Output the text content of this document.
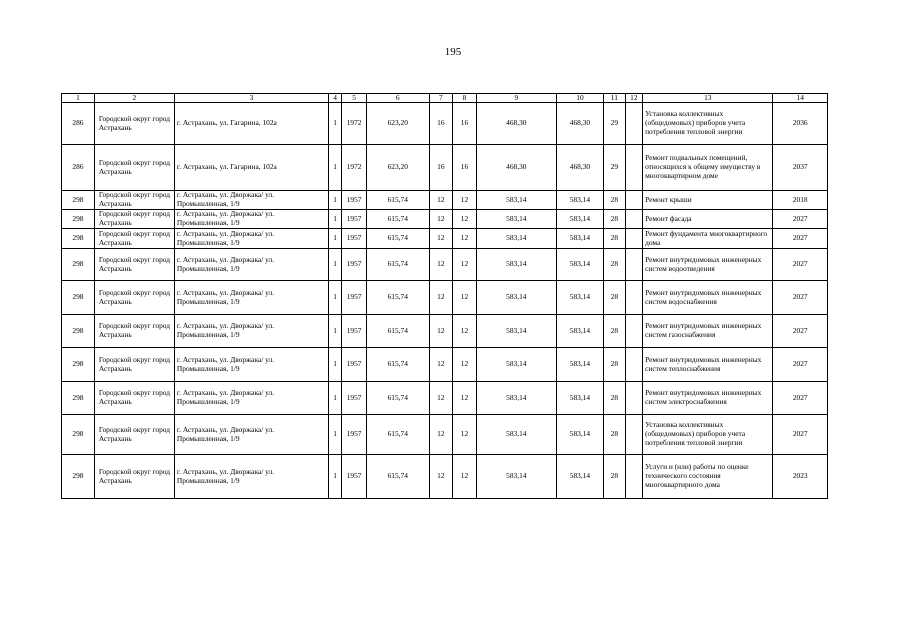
195
1	2	3	4	5	6	7	8	9	10	11	12	13	14
286	Городской округ город Астрахань	г. Астрахань, ул. Гагарина, 102а	1	1972	623,20	16	16	468,30	468,30	29		Установка коллективных (общедомовых) приборов учета потребления тепловой энергии	2036
286	Городской округ город Астрахань	г. Астрахань, ул. Гагарина, 102а	1	1972	623,20	16	16	468,30	468,30	29		Ремонт подвальных помещений, относящихся к общему имуществу в многоквартирном доме	2037
298	Городской округ город Астрахань	г. Астрахань, ул. Дворжака/ ул. Промышленная, 1/9	1	1957	615,74	12	12	583,14	583,14	28		Ремонт крыши	2018
298	Городской округ город Астрахань	г. Астрахань, ул. Дворжака/ ул. Промышленная, 1/9	1	1957	615,74	12	12	583,14	583,14	28		Ремонт фасада	2027
298	Городской округ город Астрахань	г. Астрахань, ул. Дворжака/ ул. Промышленная, 1/9	1	1957	615,74	12	12	583,14	583,14	28		Ремонт фундамента многоквартирного дома	2027
298	Городской округ город Астрахань	г. Астрахань, ул. Дворжака/ ул. Промышленная, 1/9	1	1957	615,74	12	12	583,14	583,14	28		Ремонт внутридомовых инженерных систем водоотведения	2027
298	Городской округ город Астрахань	г. Астрахань, ул. Дворжака/ ул. Промышленная, 1/9	1	1957	615,74	12	12	583,14	583,14	28		Ремонт внутридомовых инженерных систем водоснабжения	2027
298	Городской округ город Астрахань	г. Астрахань, ул. Дворжака/ ул. Промышленная, 1/9	1	1957	615,74	12	12	583,14	583,14	28		Ремонт внутридомовых инженерных систем газоснабжения	2027
298	Городской округ город Астрахань	г. Астрахань, ул. Дворжака/ ул. Промышленная, 1/9	1	1957	615,74	12	12	583,14	583,14	28		Ремонт внутридомовых инженерных систем теплоснабжения	2027
298	Городской округ город Астрахань	г. Астрахань, ул. Дворжака/ ул. Промышленная, 1/9	1	1957	615,74	12	12	583,14	583,14	28		Ремонт внутридомовых инженерных систем электроснабжения	2027
298	Городской округ город Астрахань	г. Астрахань, ул. Дворжака/ ул. Промышленная, 1/9	1	1957	615,74	12	12	583,14	583,14	28		Установка коллективных (общедомовых) приборов учета потребления тепловой энергии	2027
298	Городской округ город Астрахань	г. Астрахань, ул. Дворжака/ ул. Промышленная, 1/9	1	1957	615,74	12	12	583,14	583,14	28		Услуги и (или) работы по оценке технического состояния многоквартирного дома	2023
